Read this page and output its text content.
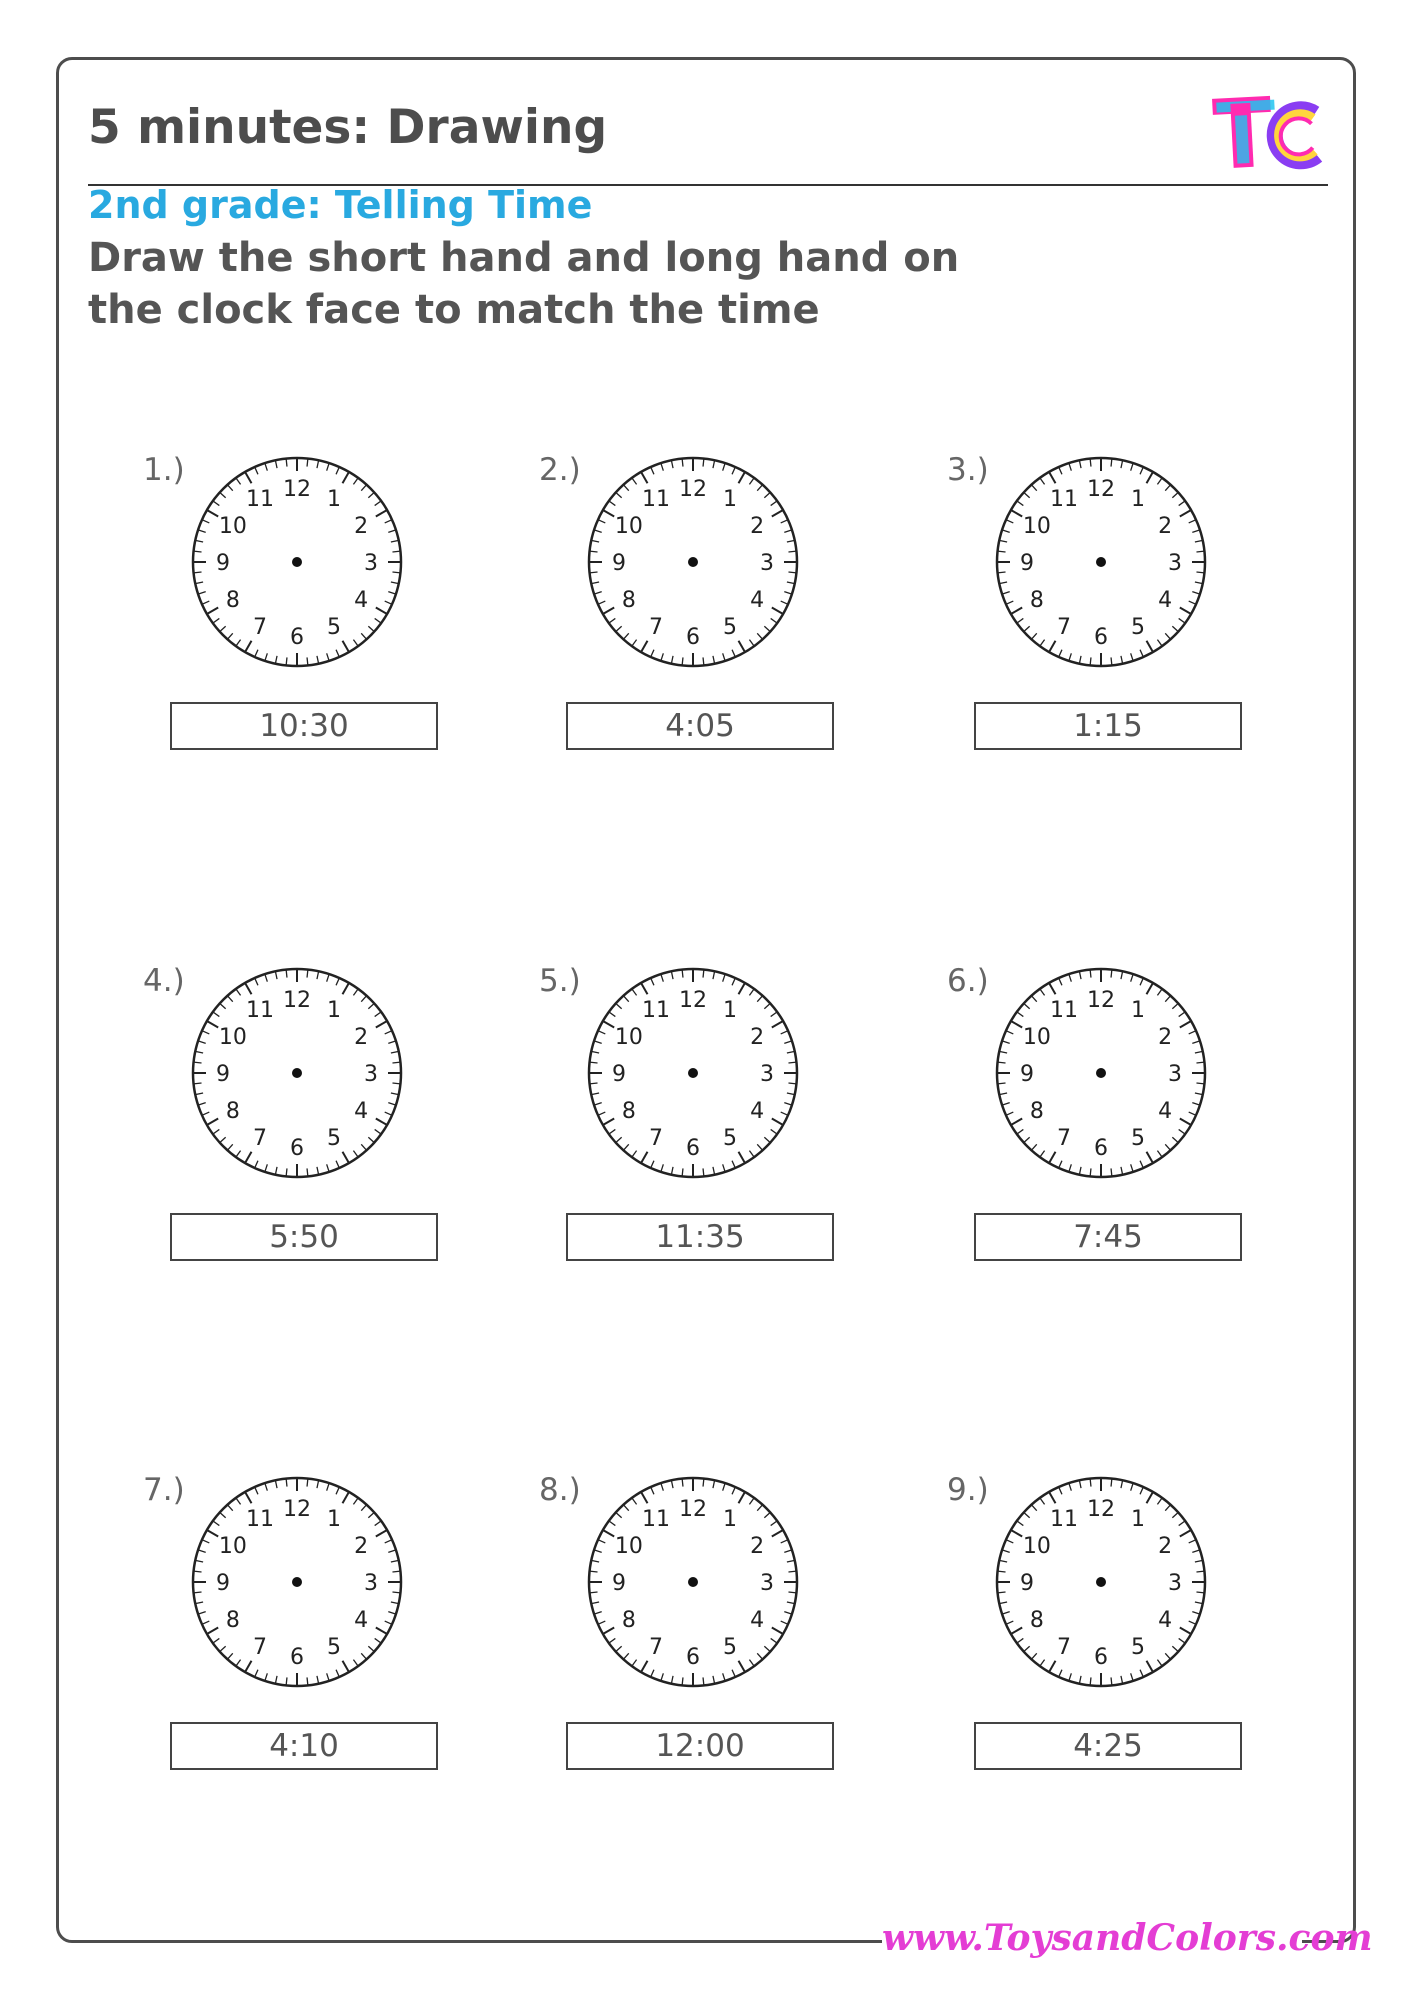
5 minutes: Drawing
2nd grade: Telling Time

Draw the short hand and long hand on the clock face to match the time

1.)
12 1
2
3
4
5
6
7
8
9
10
11
10:30
2.)
12 1
2
3
4
5
6
7
8
9
10
11
4:05
3.)
12 1
2
3
4
5
6
7
8
9
10
11
1:15
4.)
12 1
2
3
4
5
6
7
8
9
10
11
5:50
5.)
12 1
2
3
4
5
6
7
8
9
10
11
11:35
6.)
12 1
2
3
4
5
6
7
8
9
10
11
7:45
7.)
12 1
2
3
4
5
6
7
8
9
10
11
4:10
8.)
12 1
2
3
4
5
6
7
8
9
10
11
12:00
9.)
12 1
2
3
4
5
6
7
8
9
10
11
4:25
www.ToysandColors.com
